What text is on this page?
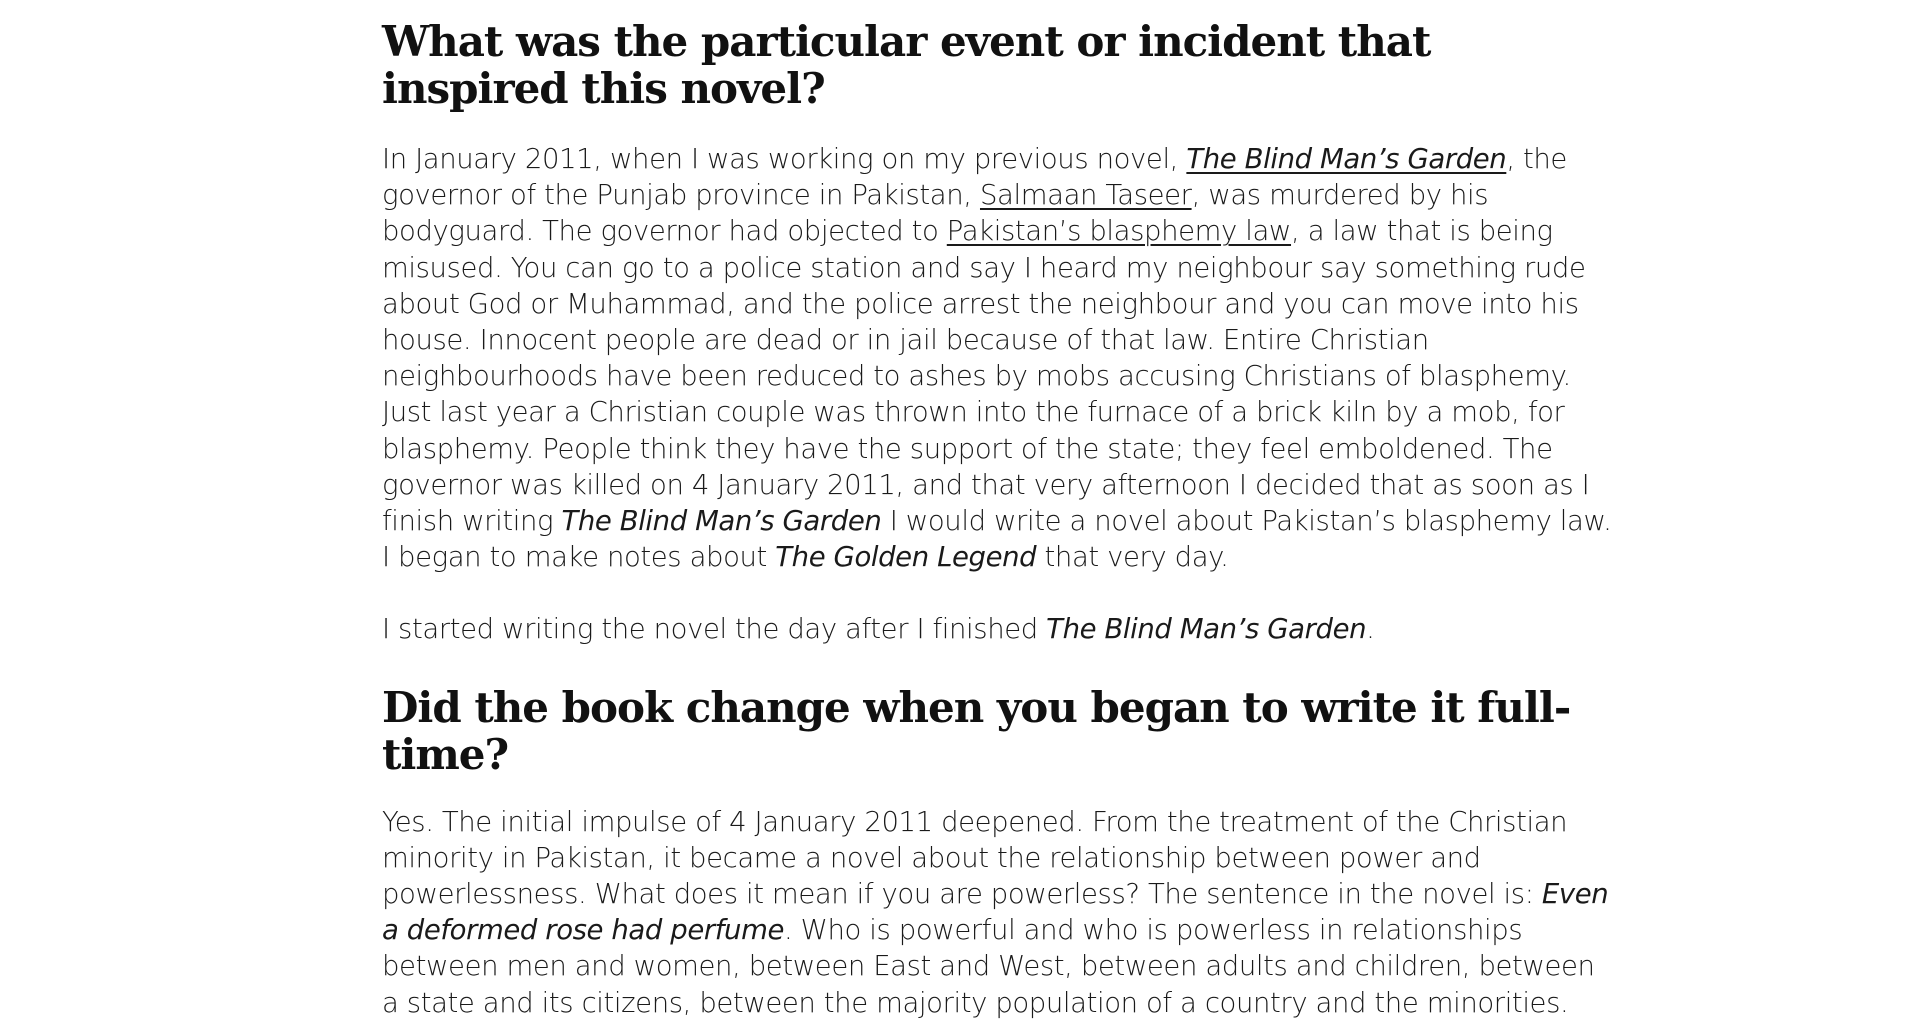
What was the particular event or incident that inspired this novel?

In January 2011, when I was working on my previous novel, The Blind Man’s Garden, the governor of the Punjab province in Pakistan, Salmaan Taseer, was murdered by his bodyguard. The governor had objected to Pakistan’s blasphemy law, a law that is being misused. You can go to a police station and say I heard my neighbour say something rude about God or Muhammad, and the police arrest the neighbour and you can move into his house. Innocent people are dead or in jail because of that law. Entire Christian neighbourhoods have been reduced to ashes by mobs accusing Christians of blasphemy. Just last year a Christian couple was thrown into the furnace of a brick kiln by a mob, for blasphemy. People think they have the support of the state; they feel emboldened. The governor was killed on 4 January 2011, and that very afternoon I decided that as soon as I finish writing The Blind Man’s Garden I would write a novel about Pakistan’s blasphemy law. I began to make notes about The Golden Legend that very day.

I started writing the novel the day after I finished The Blind Man’s Garden.

Did the book change when you began to write it full-time?

Yes. The initial impulse of 4 January 2011 deepened. From the treatment of the Christian minority in Pakistan, it became a novel about the relationship between power and powerlessness. What does it mean if you are powerless? The sentence in the novel is: Even a deformed rose had perfume. Who is powerful and who is powerless in relationships between men and women, between East and West, between adults and children, between a state and its citizens, between the majority population of a country and the minorities.
